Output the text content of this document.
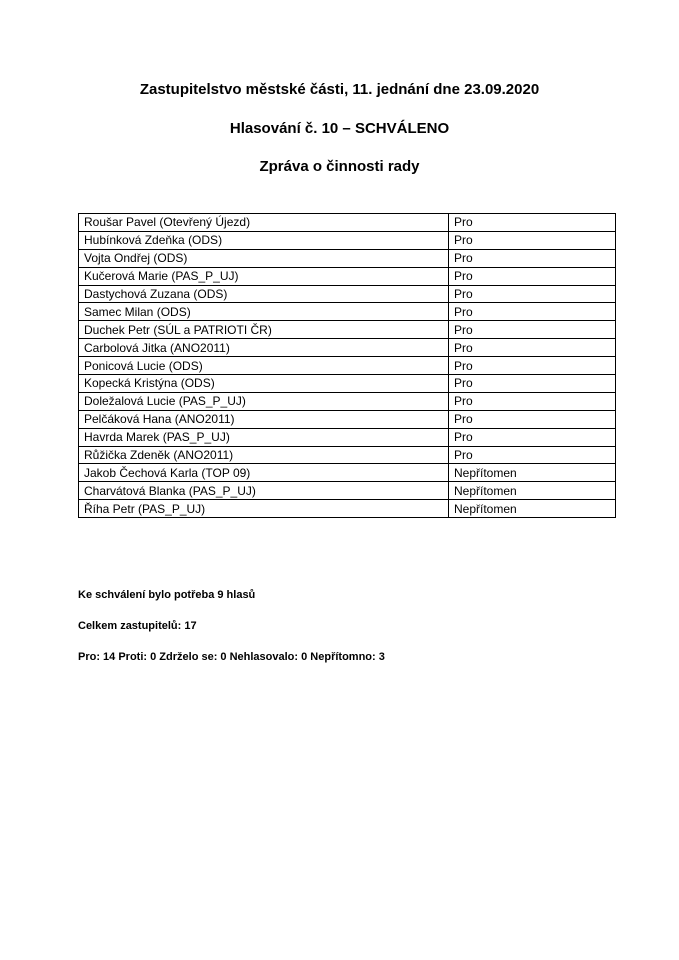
Zastupitelstvo městské části, 11. jednání dne 23.09.2020

Hlasování č. 10 – SCHVÁLENO

Zpráva o činnosti rady

Roušar Pavel (Otevřený Újezd)	Pro
Hubínková Zdeňka (ODS)	Pro
Vojta Ondřej (ODS)	Pro
Kučerová Marie (PAS_P_UJ)	Pro
Dastychová Zuzana (ODS)	Pro
Samec Milan (ODS)	Pro
Duchek Petr (SÚL a PATRIOTI ČR)	Pro
Carbolová Jitka (ANO2011)	Pro
Ponicová Lucie (ODS)	Pro
Kopecká Kristýna (ODS)	Pro
Doležalová Lucie (PAS_P_UJ)	Pro
Pelčáková Hana (ANO2011)	Pro
Havrda Marek (PAS_P_UJ)	Pro
Růžička Zdeněk (ANO2011)	Pro
Jakob Čechová Karla (TOP 09)	Nepřítomen
Charvátová Blanka (PAS_P_UJ)	Nepřítomen
Říha Petr (PAS_P_UJ)	Nepřítomen

Ke schválení bylo potřeba 9 hlasů

Celkem zastupitelů: 17

Pro: 14 Proti: 0 Zdrželo se: 0 Nehlasovalo: 0 Nepřítomno: 3
